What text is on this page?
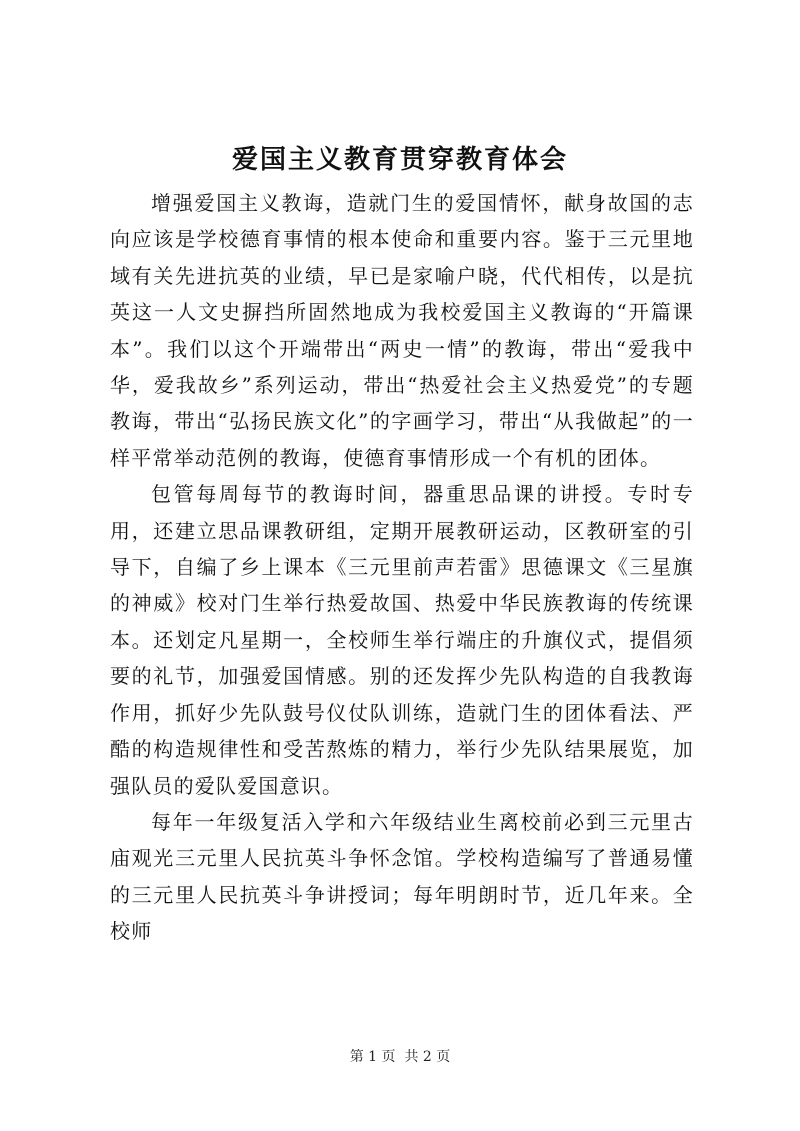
爱国主义教育贯穿教育体会

增强爱国主义教诲，造就门生的爱国情怀，献身故国的志向应该是学校德育事情的根本使命和重要内容。鉴于三元里地域有关先进抗英的业绩，早已是家喻户晓，代代相传，以是抗英这一人文史摒挡所固然地成为我校爱国主义教诲的“开篇课本”。我们以这个开端带出“两史一情”的教诲，带出“爱我中华，爱我故乡”系列运动，带出“热爱社会主义热爱党”的专题教诲，带出“弘扬民族文化”的字画学习，带出“从我做起”的一样平常举动范例的教诲，使德育事情形成一个有机的团体。

包管每周每节的教诲时间，器重思品课的讲授。专时专用，还建立思品课教研组，定期开展教研运动，区教研室的引导下，自编了乡上课本《三元里前声若雷》思德课文《三星旗的神威》校对门生举行热爱故国、热爱中华民族教诲的传统课本。还划定凡星期一，全校师生举行端庄的升旗仪式，提倡须要的礼节，加强爱国情感。别的还发挥少先队构造的自我教诲作用，抓好少先队鼓号仪仗队训练，造就门生的团体看法、严酷的构造规律性和受苦熬炼的精力，举行少先队结果展览，加强队员的爱队爱国意识。

每年一年级复活入学和六年级结业生离校前必到三元里古庙观光三元里人民抗英斗争怀念馆。学校构造编写了普通易懂的三元里人民抗英斗争讲授词；每年明朗时节，近几年来。全校师

第 1 页  共 2 页
